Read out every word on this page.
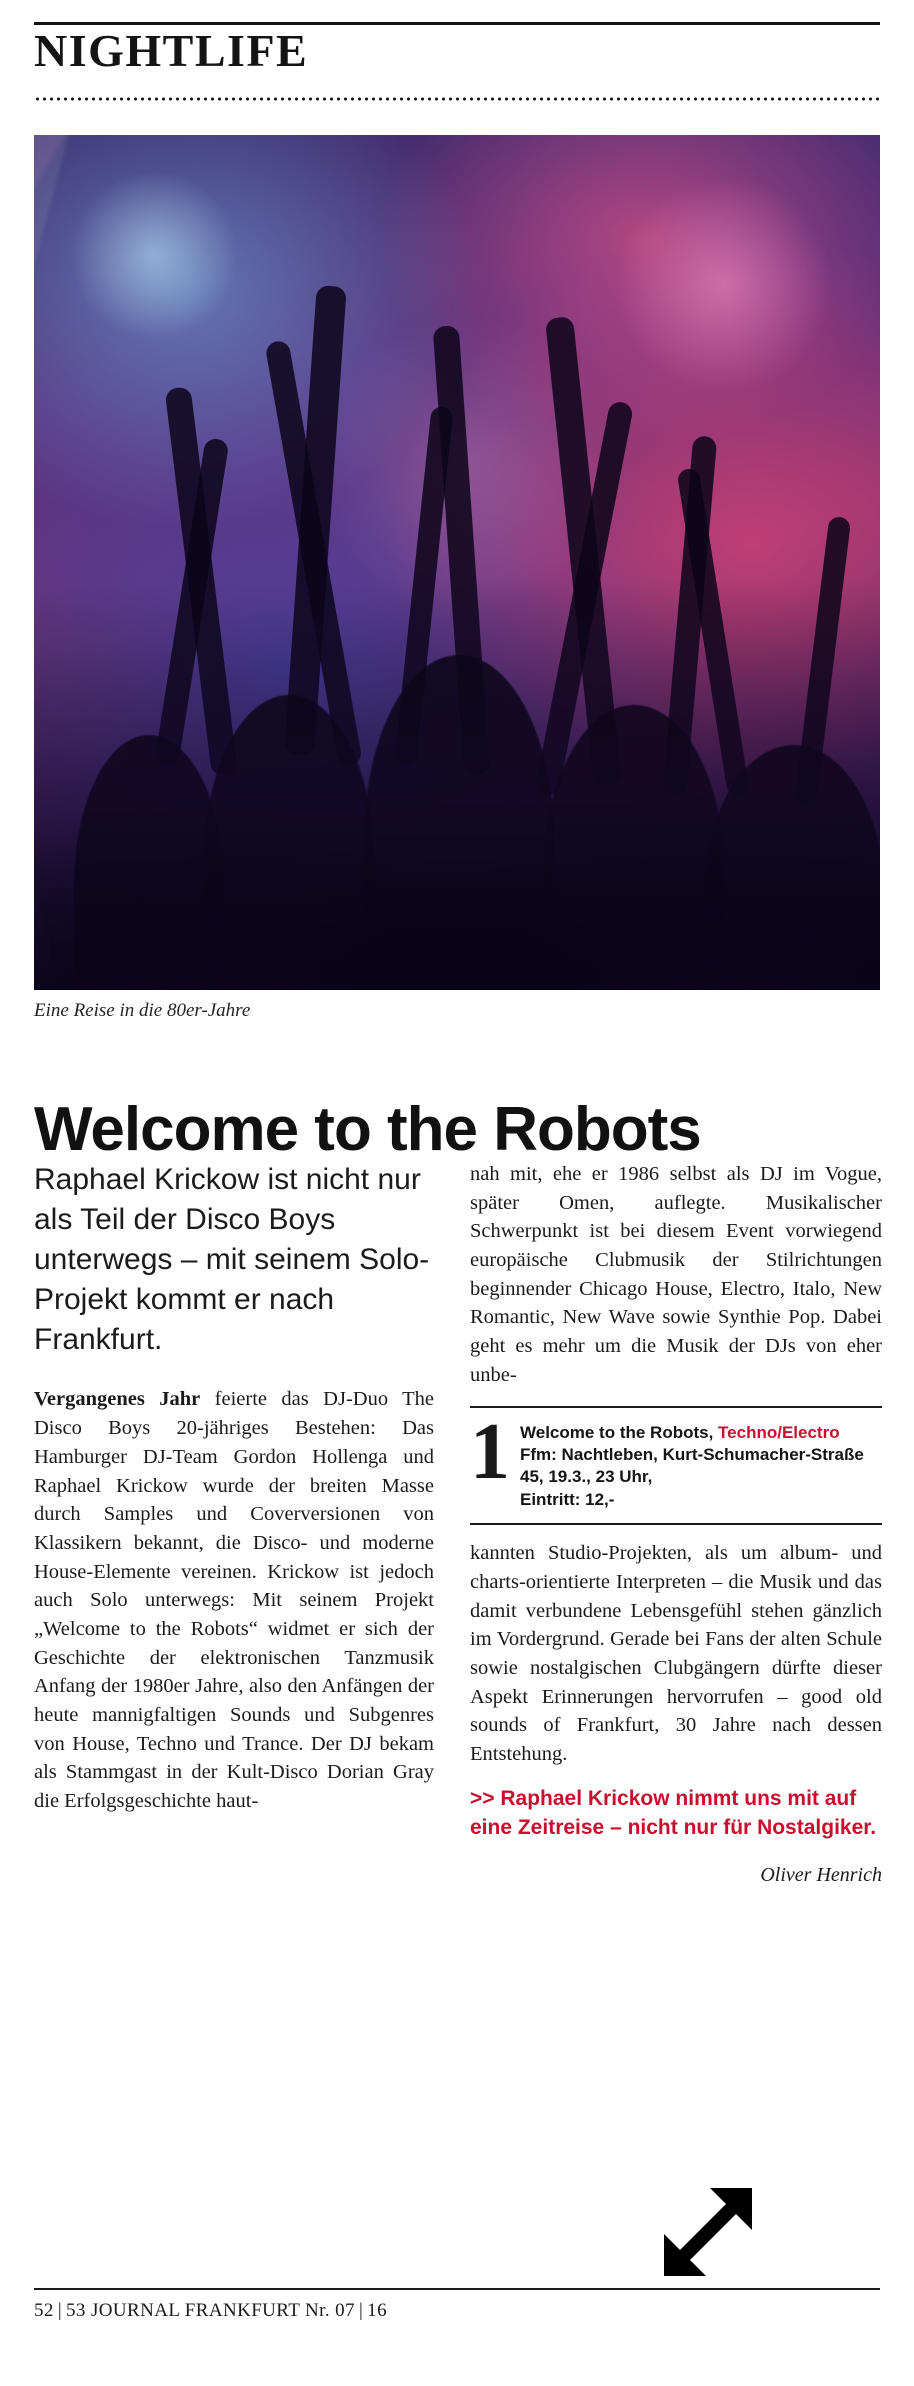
NIGHTLIFE
Eine Reise in die 80er-Jahre
Welcome to the Robots

Raphael Krickow ist nicht nur als Teil der Disco Boys unterwegs – mit seinem Solo-Projekt kommt er nach Frankfurt.

Vergangenes Jahr feierte das DJ-Duo The Disco Boys 20-jähriges Bestehen: Das Hamburger DJ-Team Gordon Hollenga und Raphael Krickow wurde der breiten Masse durch Samples und Coverversionen von Klassikern bekannt, die Disco- und moderne House-Elemente vereinen. Krickow ist jedoch auch Solo unterwegs: Mit seinem Projekt „Welcome to the Robots“ widmet er sich der Geschichte der elektronischen Tanzmusik Anfang der 1980er Jahre, also den Anfängen der heute mannigfaltigen Sounds und Subgenres von House, Techno und Trance. Der DJ bekam als Stammgast in der Kult-Disco Dorian Gray die Erfolgsgeschichte haut-

nah mit, ehe er 1986 selbst als DJ im Vogue, später Omen, auflegte. Musikalischer Schwerpunkt ist bei diesem Event vorwiegend europäische Clubmusik der Stilrichtungen beginnender Chicago House, Electro, Italo, New Romantic, New Wave sowie Synthie Pop. Dabei geht es mehr um die Musik der DJs von eher unbe-

1 Welcome to the Robots, Techno/Electro
Ffm: Nachtleben, Kurt-Schumacher-Straße 45, 19.3., 23 Uhr,
Eintritt: 12,-

kannten Studio-Projekten, als um album- und charts-orientierte Interpreten – die Musik und das damit verbundene Lebensgefühl stehen gänzlich im Vordergrund. Gerade bei Fans der alten Schule sowie nostalgischen Clubgängern dürfte dieser Aspekt Erinnerungen hervorrufen – good old sounds of Frankfurt, 30 Jahre nach dessen Entstehung.

>> Raphael Krickow nimmt uns mit auf eine Zeitreise – nicht nur für Nostalgiker.

Oliver Henrich
52 | 53 JOURNAL FRANKFURT Nr. 07 | 16
